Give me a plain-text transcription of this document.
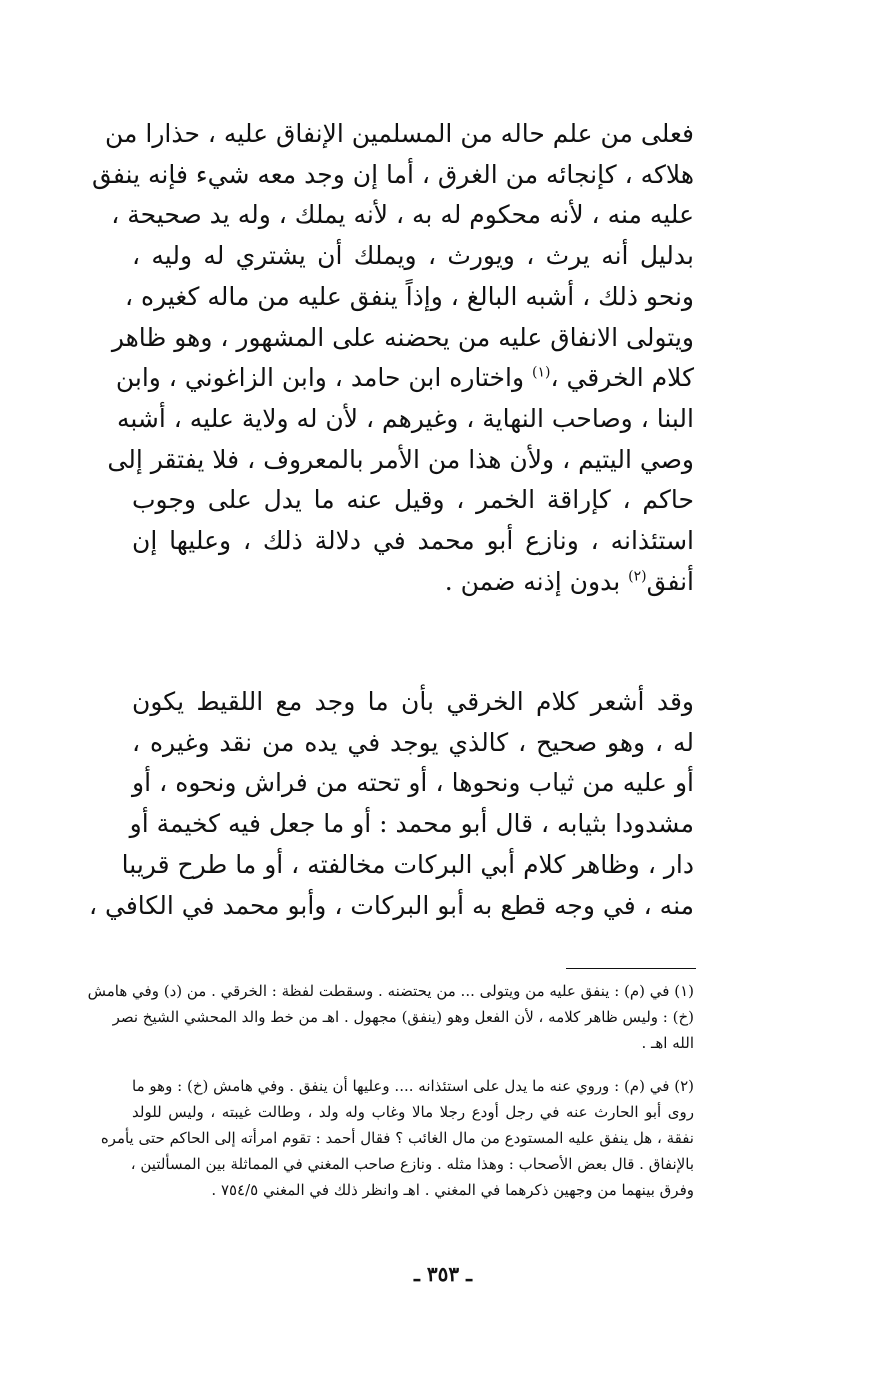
فعلى من علم حاله من المسلمين الإنفاق عليه ، حذارا من
هلاكه ، كإنجائه من الغرق ، أما إن وجد معه شيء فإنه ينفق
عليه منه ، لأنه محكوم له به ، لأنه يملك ، وله يد صحيحة ،
بدليل أنه يرث ، ويورث ، ويملك أن يشتري له وليه ،
ونحو ذلك ، أشبه البالغ ، وإذاً ينفق عليه من ماله كغيره ،
ويتولى الانفاق عليه من يحضنه على المشهور ، وهو ظاهر
كلام الخرقي ،$^{(١)}$ واختاره ابن حامد ، وابن الزاغوني ، وابن
البنا ، وصاحب النهاية ، وغيرهم ، لأن له ولاية عليه ، أشبه
وصي اليتيم ، ولأن هذا من الأمر بالمعروف ، فلا يفتقر إلى
حاكم ، كإراقة الخمر ، وقيل عنه ما يدل على وجوب
استئذانه ، ونازع أبو محمد في دلالة ذلك ، وعليها إن
أنفق$^{(٢)}$ بدون إذنه ضمن .

وقد أشعر كلام الخرقي بأن ما وجد مع اللقيط يكون
له ، وهو صحيح ، كالذي يوجد في يده من نقد وغيره ،
أو عليه من ثياب ونحوها ، أو تحته من فراش ونحوه ، أو
مشدودا بثيابه ، قال أبو محمد : أو ما جعل فيه كخيمة أو
دار ، وظاهر كلام أبي البركات مخالفته ، أو ما طرح قريبا
منه ، في وجه قطع به أبو البركات ، وأبو محمد في الكافي ،

(١) في (م) : ينفق عليه من ويتولى ... من يحتضنه . وسقطت لفظة : الخرقي . من (د) وفي هامش
(خ) : وليس ظاهر كلامه ، لأن الفعل وهو (ينفق) مجهول . اهـ من خط والد المحشي الشيخ نصر
الله اهـ .

(٢) في (م) : وروي عنه ما يدل على استئذانه .... وعليها أن ينفق . وفي هامش (خ) : وهو ما
روى أبو الحارث عنه في رجل أودع رجلا مالا وغاب وله ولد ، وطالت غيبته ، وليس للولد
نفقة ، هل ينفق عليه المستودع من مال الغائب ؟ فقال أحمد : تقوم امرأته إلى الحاكم حتى يأمره
بالإنفاق . قال بعض الأصحاب : وهذا مثله . ونازع صاحب المغني في المماثلة بين المسألتين ،
وفرق بينهما من وجهين ذكرهما في المغني . اهـ وانظر ذلك في المغني ٧٥٤/٥ .

ـ ٣٥٣ ـ
